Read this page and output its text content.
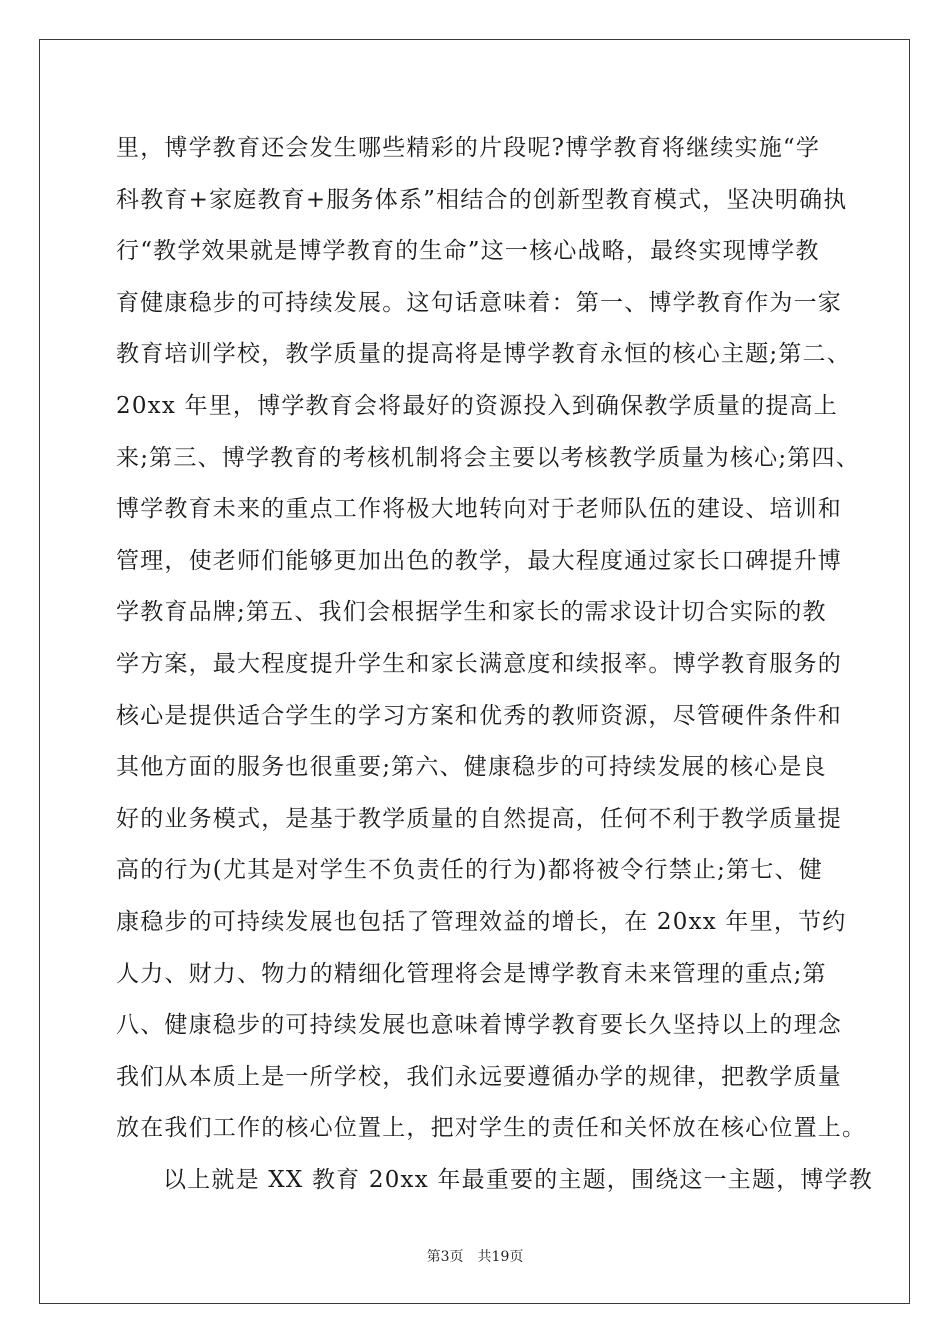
里，博学教育还会发生哪些精彩的片段呢?博学教育将继续实施“学
科教育+家庭教育+服务体系”相结合的创新型教育模式，坚决明确执
行“教学效果就是博学教育的生命”这一核心战略，最终实现博学教
育健康稳步的可持续发展。这句话意味着：第一、博学教育作为一家
教育培训学校，教学质量的提高将是博学教育永恒的核心主题;第二、
20xx 年里，博学教育会将最好的资源投入到确保教学质量的提高上
来;第三、博学教育的考核机制将会主要以考核教学质量为核心;第四、
博学教育未来的重点工作将极大地转向对于老师队伍的建设、培训和
管理，使老师们能够更加出色的教学，最大程度通过家长口碑提升博
学教育品牌;第五、我们会根据学生和家长的需求设计切合实际的教
学方案，最大程度提升学生和家长满意度和续报率。博学教育服务的
核心是提供适合学生的学习方案和优秀的教师资源，尽管硬件条件和
其他方面的服务也很重要;第六、健康稳步的可持续发展的核心是良
好的业务模式，是基于教学质量的自然提高，任何不利于教学质量提
高的行为(尤其是对学生不负责任的行为)都将被令行禁止;第七、健
康稳步的可持续发展也包括了管理效益的增长，在 20xx 年里，节约
人力、财力、物力的精细化管理将会是博学教育未来管理的重点;第
八、健康稳步的可持续发展也意味着博学教育要长久坚持以上的理念
我们从本质上是一所学校，我们永远要遵循办学的规律，把教学质量
放在我们工作的核心位置上，把对学生的责任和关怀放在核心位置上。
以上就是 XX 教育 20xx 年最重要的主题，围绕这一主题，博学教
第3页 共19页
